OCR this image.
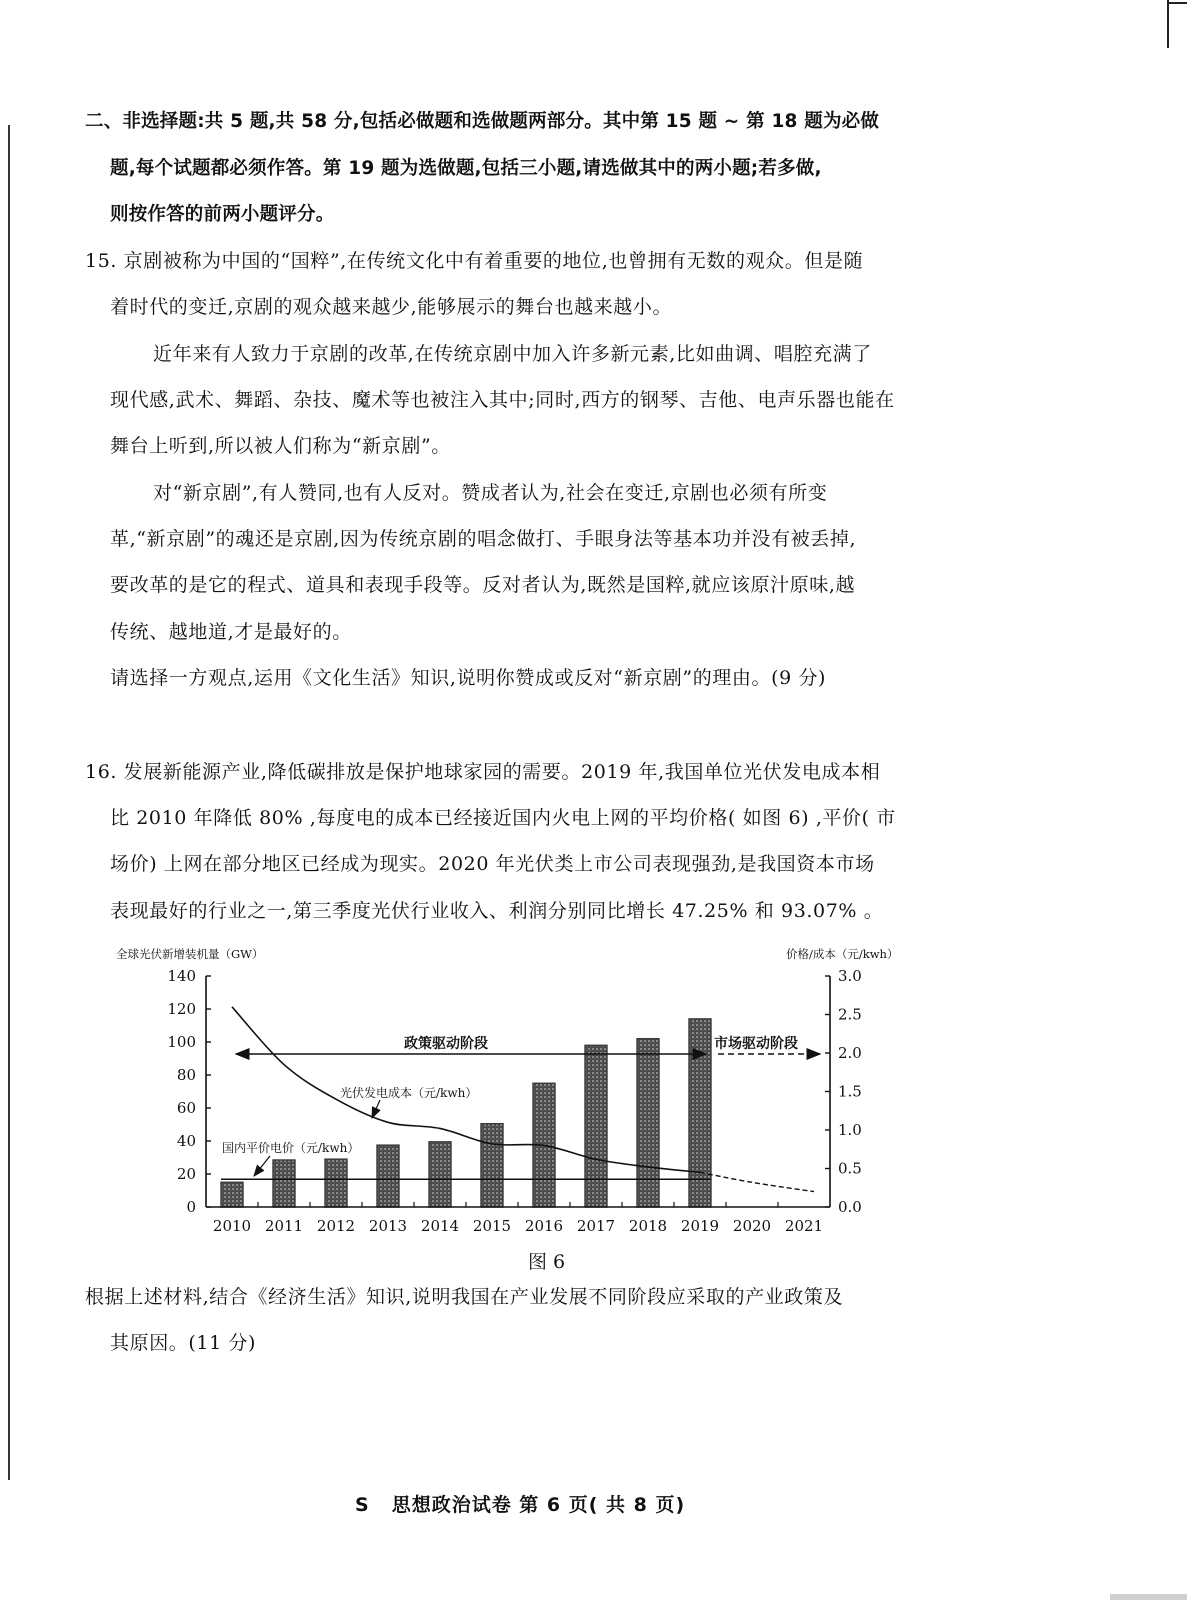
二、非选择题:共 5 题,共 58 分,包括必做题和选做题两部分。其中第 15 题 ~ 第 18 题为必做
题,每个试题都必须作答。第 19 题为选做题,包括三小题,请选做其中的两小题;若多做,
则按作答的前两小题评分。
15. 京剧被称为中国的“国粹”,在传统文化中有着重要的地位,也曾拥有无数的观众。但是随
着时代的变迁,京剧的观众越来越少,能够展示的舞台也越来越小。
近年来有人致力于京剧的改革,在传统京剧中加入许多新元素,比如曲调、唱腔充满了
现代感,武术、舞蹈、杂技、魔术等也被注入其中;同时,西方的钢琴、吉他、电声乐器也能在
舞台上听到,所以被人们称为“新京剧”。
对“新京剧”,有人赞同,也有人反对。赞成者认为,社会在变迁,京剧也必须有所变
革,“新京剧”的魂还是京剧,因为传统京剧的唱念做打、手眼身法等基本功并没有被丢掉,
要改革的是它的程式、道具和表现手段等。反对者认为,既然是国粹,就应该原汁原味,越
传统、越地道,才是最好的。
请选择一方观点,运用《文化生活》知识,说明你赞成或反对“新京剧”的理由。(9 分)
16. 发展新能源产业,降低碳排放是保护地球家园的需要。2019 年,我国单位光伏发电成本相
比 2010 年降低 80% ,每度电的成本已经接近国内火电上网的平均价格( 如图 6) ,平价( 市
场价) 上网在部分地区已经成为现实。2020 年光伏类上市公司表现强劲,是我国资本市场
表现最好的行业之一,第三季度光伏行业收入、利润分别同比增长 47.25% 和 93.07% 。
全球光伏新增装机量（GW）	价格/成本（元/kwh）
0
20
40
60
80
100
120
140
0.0
0.5
1.0
1.5
2.0
2.5
3.0
2010 2011 2012 2013 2014 2015 2016 2017 2018 2019 2020 2021
政策驱动阶段	市场驱动阶段
光伏发电成本（元/kwh）
国内平价电价（元/kwh）
图 6
根据上述材料,结合《经济生活》知识,说明我国在产业发展不同阶段应采取的产业政策及
其原因。(11 分)
S 思想政治试卷 第 6 页( 共 8 页)
